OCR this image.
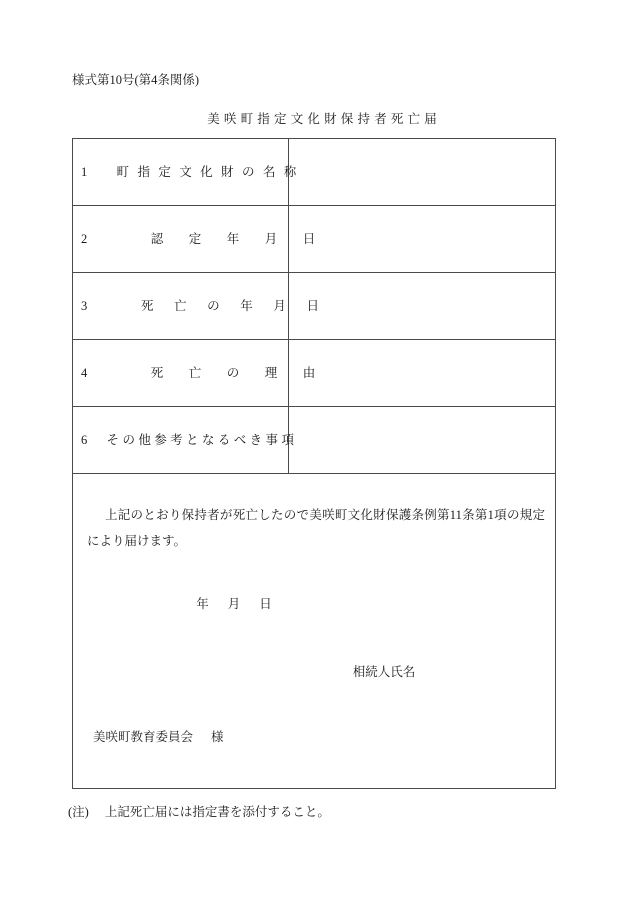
様式第10号(第4条関係)
美咲町指定文化財保持者死亡届
1　町指定文化財の名称	

2　認定年月日	

3　死亡の年月日	

4　死亡の理由	

6　その他参考となるべき事項	

上記のとおり保持者が死亡したので美咲町文化財保護条例第11条第1項の規定により届けます。
年月日
相続人氏名
美咲町教育委員会 様	
(注) 上記死亡届には指定書を添付すること。
